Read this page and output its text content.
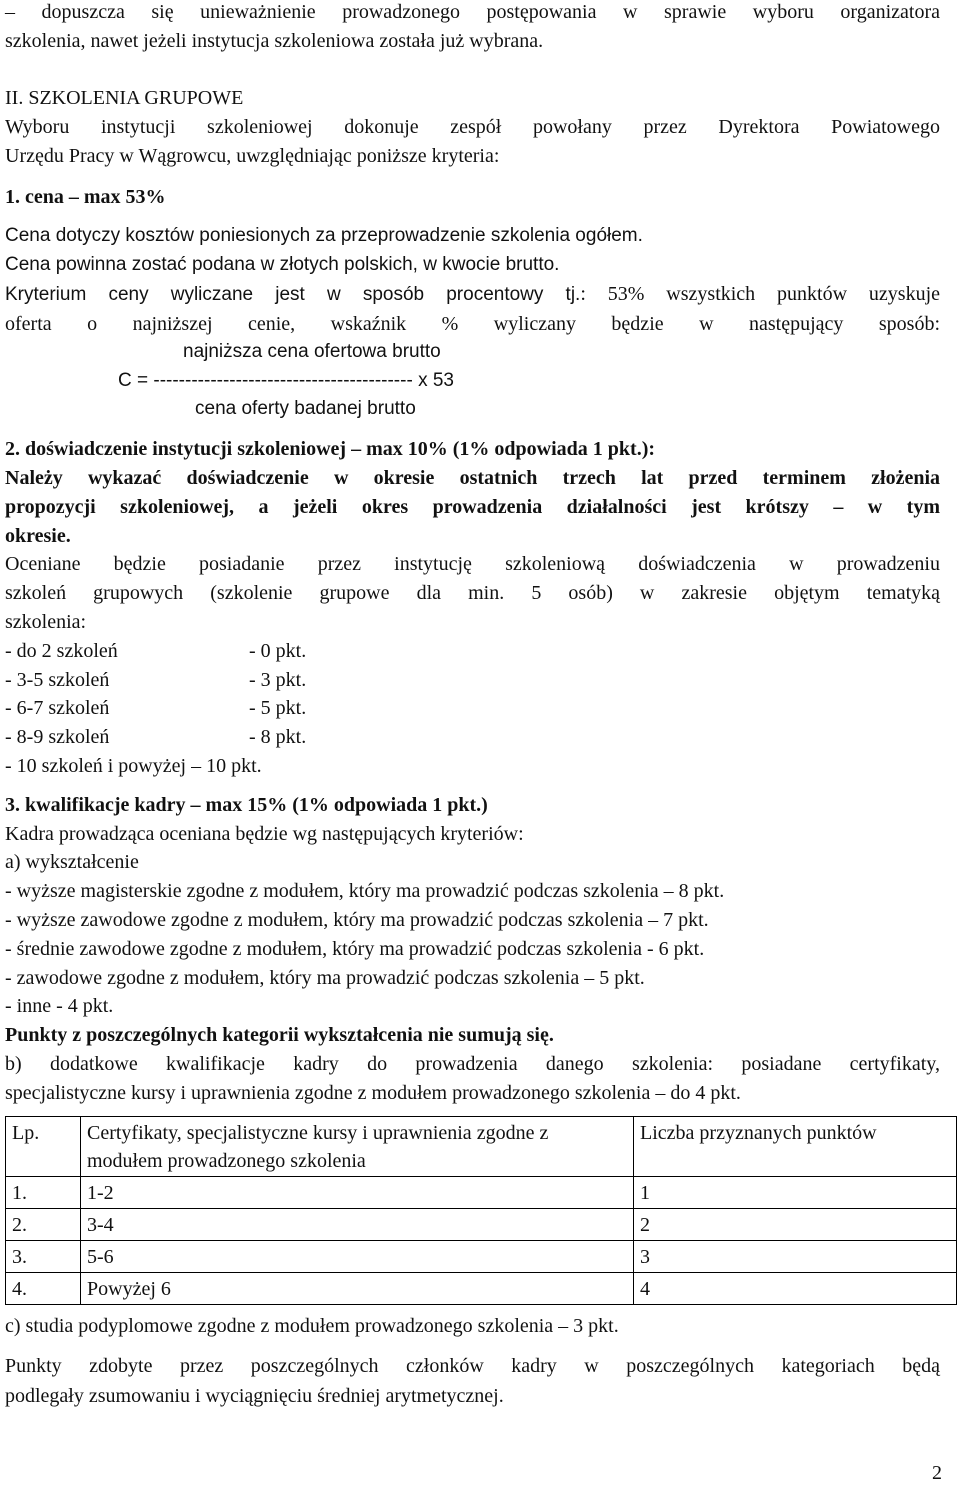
– dopuszcza się unieważnienie prowadzonego postępowania w sprawie wyboru organizatora
szkolenia, nawet jeżeli instytucja szkoleniowa została już wybrana.
II. SZKOLENIA GRUPOWE
Wyboru instytucji szkoleniowej dokonuje zespół powołany przez Dyrektora Powiatowego
Urzędu Pracy w Wągrowcu, uwzględniając poniższe kryteria:
1. cena – max 53%
Cena dotyczy kosztów poniesionych za przeprowadzenie szkolenia ogółem.
Cena powinna zostać podana w złotych polskich, w kwocie brutto.
Kryterium ceny wyliczane jest w sposób procentowy tj.: 53% wszystkich punktów uzyskuje
oferta o najniższej cenie, wskaźnik % wyliczany będzie w następujący sposób:
najniższa cena ofertowa brutto
C = ----------------------------------------- x 53
cena oferty badanej brutto
2. doświadczenie instytucji szkoleniowej – max 10% (1% odpowiada 1 pkt.):
Należy wykazać doświadczenie w okresie ostatnich trzech lat przed terminem złożenia
propozycji szkoleniowej, a jeżeli okres prowadzenia działalności jest krótszy – w tym
okresie.
Oceniane będzie posiadanie przez instytucję szkoleniową doświadczenia w prowadzeniu
szkoleń grupowych (szkolenie grupowe dla min. 5 osób) w zakresie objętym tematyką
szkolenia:
- do 2 szkoleń	- 0 pkt.
- 3-5 szkoleń	- 3 pkt.
- 6-7 szkoleń	- 5 pkt.
- 8-9 szkoleń	- 8 pkt.
- 10 szkoleń i powyżej – 10 pkt.
3. kwalifikacje kadry – max 15% (1% odpowiada 1 pkt.)
Kadra prowadząca oceniana będzie wg następujących kryteriów:
a) wykształcenie
- wyższe magisterskie zgodne z modułem, który ma prowadzić podczas szkolenia – 8 pkt.
- wyższe zawodowe zgodne z modułem, który ma prowadzić podczas szkolenia – 7 pkt.
- średnie zawodowe zgodne z modułem, który ma prowadzić podczas szkolenia - 6 pkt.
- zawodowe zgodne z modułem, który ma prowadzić podczas szkolenia – 5 pkt.
- inne - 4 pkt.
Punkty z poszczególnych kategorii wykształcenia nie sumują się.
b) dodatkowe kwalifikacje kadry do prowadzenia danego szkolenia: posiadane certyfikaty,
specjalistyczne kursy i uprawnienia zgodne z modułem prowadzonego szkolenia – do 4 pkt.
Lp.	Certyfikaty, specjalistyczne kursy i uprawnienia zgodne z modułem prowadzonego szkolenia	Liczba przyznanych punktów
1.	1-2	1
2.	3-4	2
3.	5-6	3
4.	Powyżej 6	4
c) studia podyplomowe zgodne z modułem prowadzonego szkolenia – 3 pkt.
Punkty zdobyte przez poszczególnych członków kadry w poszczególnych kategoriach będą
podlegały zsumowaniu i wyciągnięciu średniej arytmetycznej.
2
